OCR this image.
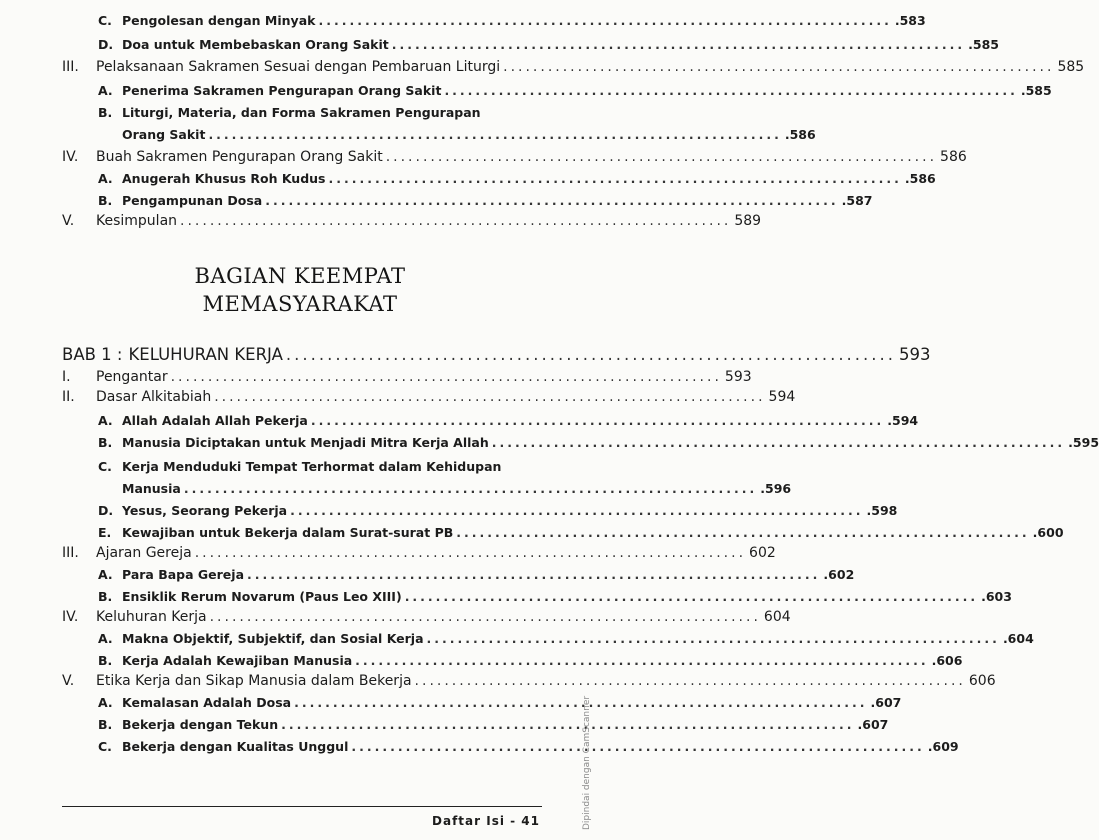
C. Pengolesan dengan Minyak .......................................................................... .583
D. Doa untuk Membebaskan Orang Sakit .......................................................................... .585
III. Pelaksanaan Sakramen Sesuai dengan Pembaruan Liturgi .......................................................................... 585
A. Penerima Sakramen Pengurapan Orang Sakit .......................................................................... .585
B. Liturgi, Materia, dan Forma Sakramen Pengurapan
Orang Sakit .......................................................................... .586
IV. Buah Sakramen Pengurapan Orang Sakit .......................................................................... 586
A. Anugerah Khusus Roh Kudus .......................................................................... .586
B. Pengampunan Dosa .......................................................................... .587
V. Kesimpulan .......................................................................... 589
BAGIAN KEEMPAT
MEMASYARAKAT
BAB 1 : KELUHURAN KERJA .......................................................................... 593
I. Pengantar .......................................................................... 593
II. Dasar Alkitabiah .......................................................................... 594
A. Allah Adalah Allah Pekerja .......................................................................... .594
B. Manusia Diciptakan untuk Menjadi Mitra Kerja Allah .......................................................................... .595
C. Kerja Menduduki Tempat Terhormat dalam Kehidupan
Manusia .......................................................................... .596
D. Yesus, Seorang Pekerja .......................................................................... .598
E. Kewajiban untuk Bekerja dalam Surat-surat PB .......................................................................... .600
III. Ajaran Gereja .......................................................................... 602
A. Para Bapa Gereja .......................................................................... .602
B. Ensiklik Rerum Novarum (Paus Leo XIII) .......................................................................... .603
IV. Keluhuran Kerja .......................................................................... 604
A. Makna Objektif, Subjektif, dan Sosial Kerja .......................................................................... .604
B. Kerja Adalah Kewajiban Manusia .......................................................................... .606
V. Etika Kerja dan Sikap Manusia dalam Bekerja .......................................................................... 606
A. Kemalasan Adalah Dosa .......................................................................... .607
B. Bekerja dengan Tekun .......................................................................... .607
C. Bekerja dengan Kualitas Unggul .......................................................................... .609
Daftar Isi - 41	Dipindai dengan CamScanner
